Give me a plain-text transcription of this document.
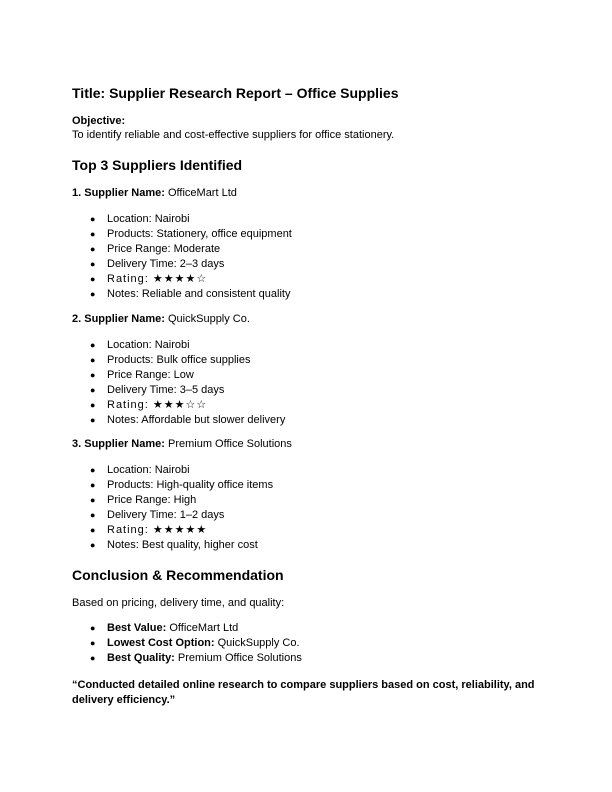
Title: Supplier Research Report – Office Supplies
Objective:
To identify reliable and cost-effective suppliers for office stationery.
Top 3 Suppliers Identified
1. Supplier Name: OfficeMart Ltd
● Location: Nairobi
● Products: Stationery, office equipment
● Price Range: Moderate
● Delivery Time: 2–3 days
● Rating: ★★★★☆
● Notes: Reliable and consistent quality
2. Supplier Name: QuickSupply Co.
● Location: Nairobi
● Products: Bulk office supplies
● Price Range: Low
● Delivery Time: 3–5 days
● Rating: ★★★☆☆
● Notes: Affordable but slower delivery
3. Supplier Name: Premium Office Solutions
● Location: Nairobi
● Products: High-quality office items
● Price Range: High
● Delivery Time: 1–2 days
● Rating: ★★★★★
● Notes: Best quality, higher cost
Conclusion & Recommendation
Based on pricing, delivery time, and quality:
● Best Value: OfficeMart Ltd
● Lowest Cost Option: QuickSupply Co.
● Best Quality: Premium Office Solutions
“Conducted detailed online research to compare suppliers based on cost, reliability, and delivery efficiency.”
